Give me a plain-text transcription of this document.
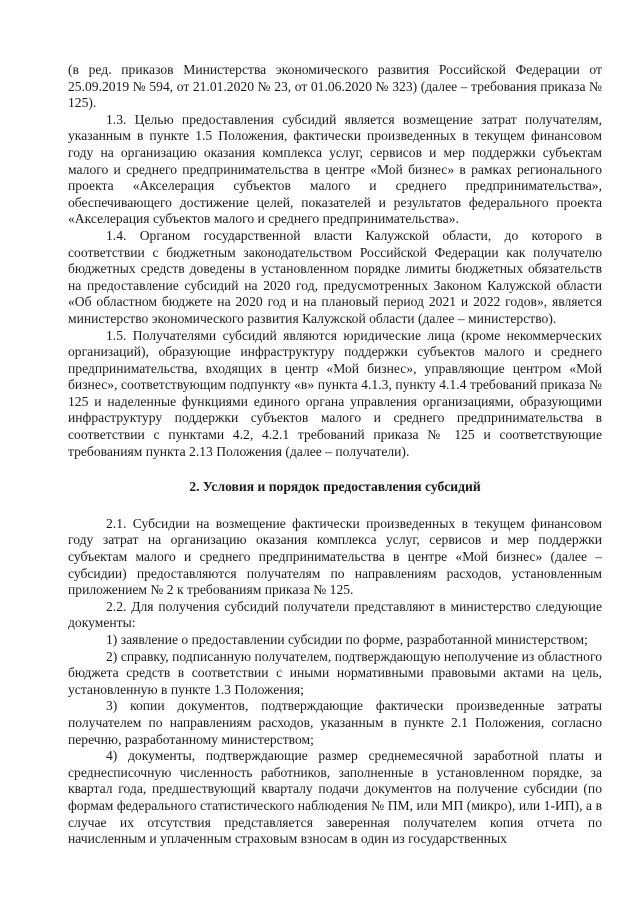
(в ред. приказов Министерства экономического развития Российской Федерации от 25.09.2019 № 594, от 21.01.2020 № 23, от 01.06.2020 № 323) (далее – требования приказа № 125).

1.3. Целью предоставления субсидий является возмещение затрат получателям, указанным в пункте 1.5 Положения, фактически произведенных в текущем финансовом году на организацию оказания комплекса услуг, сервисов и мер поддержки субъектам малого и среднего предпринимательства в центре «Мой бизнес» в рамках регионального проекта «Акселерация субъектов малого и среднего предпринимательства», обеспечивающего достижение целей, показателей и результатов федерального проекта «Акселерация субъектов малого и среднего предпринимательства».

1.4. Органом государственной власти Калужской области, до которого в соответствии с бюджетным законодательством Российской Федерации как получателю бюджетных средств доведены в установленном порядке лимиты бюджетных обязательств на предоставление субсидий на 2020 год, предусмотренных Законом Калужской области «Об областном бюджете на 2020 год и на плановый период 2021 и 2022 годов», является министерство экономического развития Калужской области (далее – министерство).

1.5. Получателями субсидий являются юридические лица (кроме некоммерческих организаций), образующие инфраструктуру поддержки субъектов малого и среднего предпринимательства, входящих в центр «Мой бизнес», управляющие центром «Мой бизнес», соответствующим подпункту «в» пункта 4.1.3, пункту 4.1.4 требований приказа № 125 и наделенные функциями единого органа управления организациями, образующими инфраструктуру поддержки субъектов малого и среднего предпринимательства в соответствии с пунктами 4.2, 4.2.1 требований приказа № 125 и соответствующие требованиям пункта 2.13 Положения (далее – получатели).

2. Условия и порядок предоставления субсидий

2.1. Субсидии на возмещение фактически произведенных в текущем финансовом году затрат на организацию оказания комплекса услуг, сервисов и мер поддержки субъектам малого и среднего предпринимательства в центре «Мой бизнес» (далее – субсидии) предоставляются получателям по направлениям расходов, установленным приложением № 2 к требованиям приказа № 125.

2.2. Для получения субсидий получатели представляют в министерство следующие документы:

1) заявление о предоставлении субсидии по форме, разработанной министерством;

2) справку, подписанную получателем, подтверждающую неполучение из областного бюджета средств в соответствии с иными нормативными правовыми актами на цель, установленную в пункте 1.3 Положения;

3) копии документов, подтверждающие фактически произведенные затраты получателем по направлениям расходов, указанным в пункте 2.1 Положения, согласно перечню, разработанному министерством;

4) документы, подтверждающие размер среднемесячной заработной платы и среднесписочную численность работников, заполненные в установленном порядке, за квартал года, предшествующий кварталу подачи документов на получение субсидии (по формам федерального статистического наблюдения № ПМ, или МП (микро), или 1-ИП), а в случае их отсутствия представляется заверенная получателем копия отчета по начисленным и уплаченным страховым взносам в один из государственных
